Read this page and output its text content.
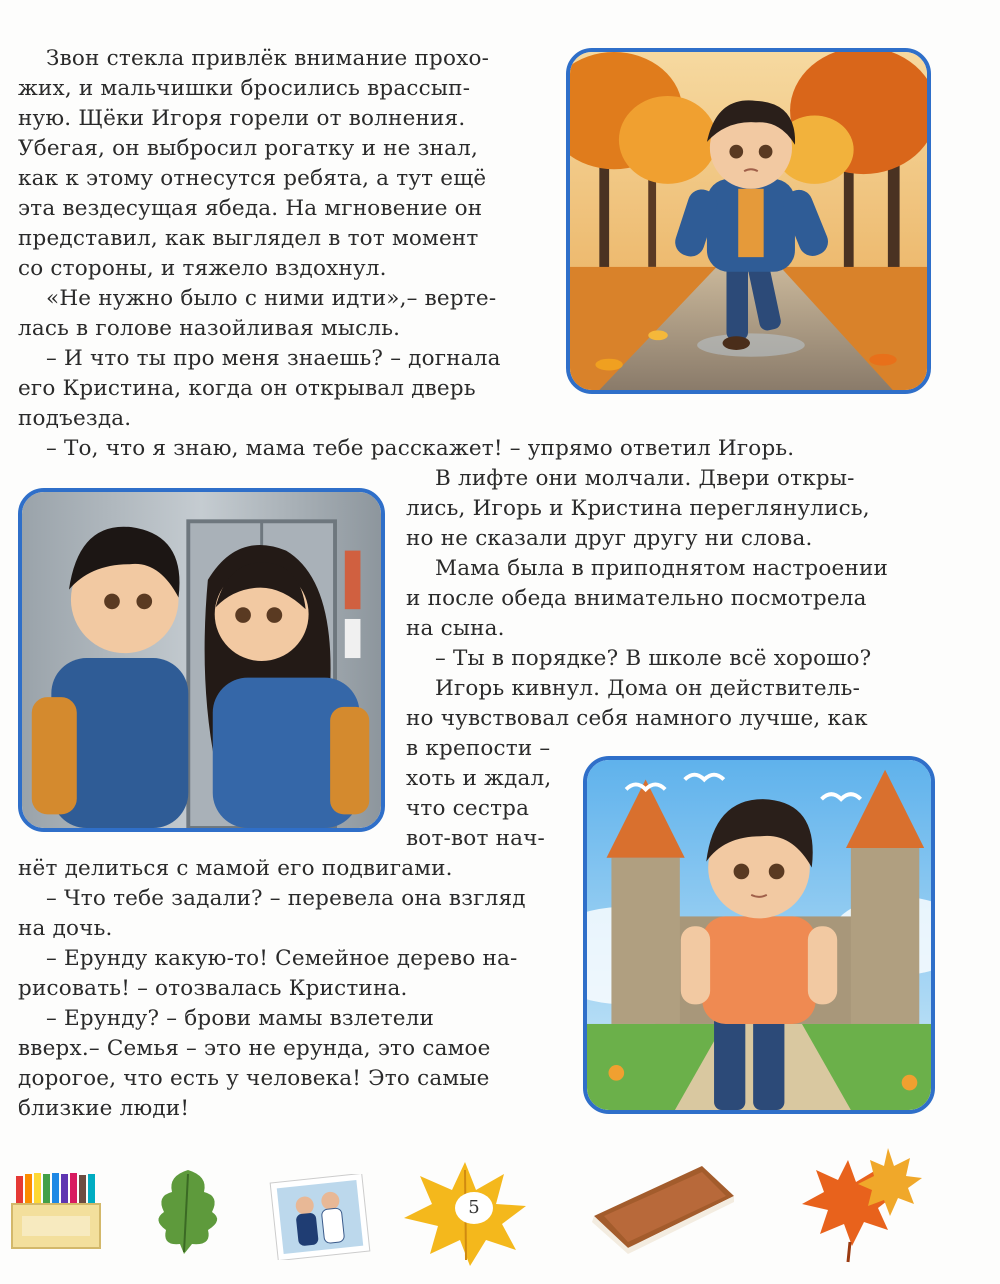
Звон стекла привлёк внимание прохо-
жих, и мальчишки бросились врассып-
ную. Щёки Игоря горели от волнения.
Убегая, он выбросил рогатку и не знал,
как к этому отнесутся ребята, а тут ещё
эта вездесущая ябеда. На мгновение он
представил, как выглядел в тот момент
со стороны, и тяжело вздохнул.
«Не нужно было с ними идти»,– верте-
лась в голове назойливая мысль.
– И что ты про меня знаешь? – догнала
его Кристина, когда он открывал дверь
подъезда.
– То, что я знаю, мама тебе расскажет! – упрямо ответил Игорь.
В лифте они молчали. Двери откры-
лись, Игорь и Кристина переглянулись,
но не сказали друг другу ни слова.
Мама была в приподнятом настроении
и после обеда внимательно посмотрела
на сына.
– Ты в порядке? В школе всё хорошо?
Игорь кивнул. Дома он действитель-
но чувствовал себя намного лучше, как
в крепости –
хоть и ждал,
что сестра
вот-вот нач-
нёт делиться с мамой его подвигами.
– Что тебе задали? – перевела она взгляд
на дочь.
– Ерунду какую-то! Семейное дерево на-
рисовать! – отозвалась Кристина.
– Ерунду? – брови мамы взлетели
вверх.– Семья – это не ерунда, это самое
дорогое, что есть у человека! Это самые
близкие люди!
5
